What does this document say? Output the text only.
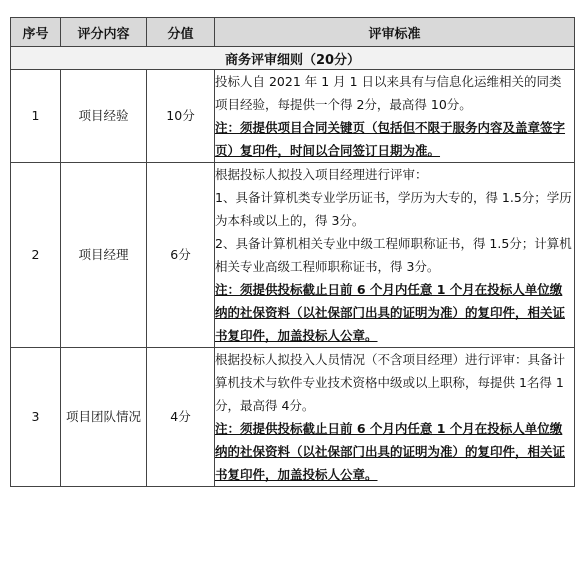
序号	评分内容	分值	评审标准
商务评审细则（20分）			
1	项目经验	10分	投标人自 2021 年 1 月 1 日以来具有与信息化运维相关的同类项目经验，每提供一个得 2分，最高得 10分。

注：须提供项目合同关键页（包括但不限于服务内容及盖章签字页）复印件，时间以合同签订日期为准。

2	项目经理	6分	根据投标人拟投入项目经理进行评审：

1、具备计算机类专业学历证书，学历为大专的，得 1.5分；学历为本科或以上的，得 3分。

2、具备计算机相关专业中级工程师职称证书，得 1.5分；计算机相关专业高级工程师职称证书，得 3分。

注：须提供投标截止日前 6 个月内任意 1 个月在投标人单位缴纳的社保资料（以社保部门出具的证明为准）的复印件，相关证书复印件，加盖投标人公章。

3	项目团队情况	4分	根据投标人拟投入人员情况（不含项目经理）进行评审：具备计算机技术与软件专业技术资格中级或以上职称，每提供 1名得 1分，最高得 4分。

注：须提供投标截止日前 6 个月内任意 1 个月在投标人单位缴纳的社保资料（以社保部门出具的证明为准）的复印件，相关证书复印件，加盖投标人公章。
